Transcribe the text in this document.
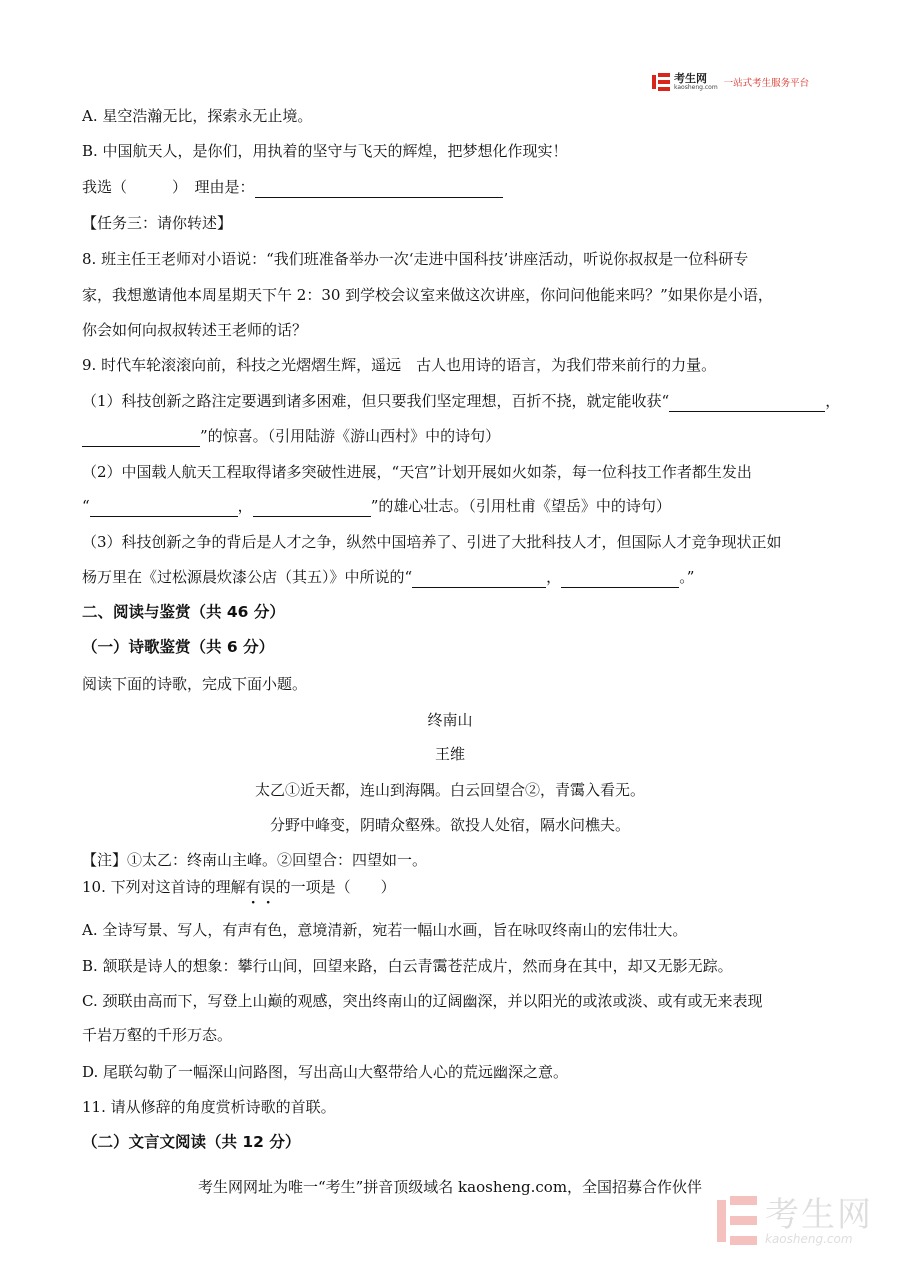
考生网
kaosheng.com 一站式考生服务平台
A. 星空浩瀚无比，探索永无止境。
B. 中国航天人，是你们，用执着的坚守与飞天的辉煌，把梦想化作现实！
我选（　　　）　理由是：
【任务三：请你转述】
8. 班主任王老师对小语说：“我们班准备举办一次‘走进中国科技’讲座活动，听说你叔叔是一位科研专
家，我想邀请他本周星期天下午 2：30 到学校会议室来做这次讲座，你问问他能来吗？”如果你是小语，
你会如何向叔叔转述王老师的话？
9. 时代车轮滚滚向前，科技之光熠熠生辉，遥远　古人也用诗的语言，为我们带来前行的力量。
（1）科技创新之路注定要遇到诸多困难，但只要我们坚定理想，百折不挠，就定能收获“	，
”的惊喜。（引用陆游《游山西村》中的诗句）
（2）中国载人航天工程取得诸多突破性进展，“天宫”计划开展如火如荼，每一位科技工作者都生发出
“	，	”的雄心壮志。（引用杜甫《望岳》中的诗句）
（3）科技创新之争的背后是人才之争，纵然中国培养了、引进了大批科技人才，但国际人才竞争现状正如
杨万里在《过松源晨炊漆公店（其五）》中所说的“	，	。”
二、阅读与鉴赏（共 46 分）
（一）诗歌鉴赏（共 6 分）
阅读下面的诗歌，完成下面小题。
终南山
王维
太乙①近天都，连山到海隅。白云回望合②，青霭入看无。
分野中峰变，阴晴众壑殊。欲投人处宿，隔水问樵夫。
【注】①太乙：终南山主峰。②回望合：四望如一。
10. 下列对这首诗的理解有误的一项是（　　）
A. 全诗写景、写人，有声有色，意境清新，宛若一幅山水画，旨在咏叹终南山的宏伟壮大。
B. 颔联是诗人的想象：攀行山间，回望来路，白云青霭苍茫成片，然而身在其中，却又无影无踪。
C. 颈联由高而下，写登上山巅的观感，突出终南山的辽阔幽深，并以阳光的或浓或淡、或有或无来表现
千岩万壑的千形万态。
D. 尾联勾勒了一幅深山问路图，写出高山大壑带给人心的荒远幽深之意。
11. 请从修辞的角度赏析诗歌的首联。
（二）文言文阅读（共 12 分）
考生网网址为唯一“考生”拼音顶级域名 kaosheng.com，全国招募合作伙伴
考生网
kaosheng.com
